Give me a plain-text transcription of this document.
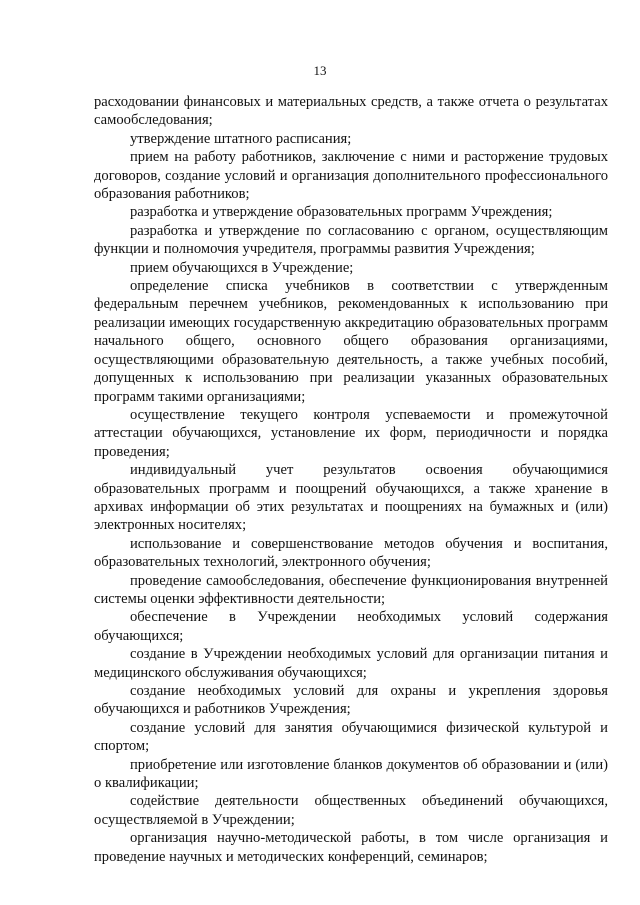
13

расходовании финансовых и материальных средств, а также отчета о результатах самообследования;

утверждение штатного расписания;

прием на работу работников, заключение с ними и расторжение трудовых договоров, создание условий и организация дополнительного профессионального образования работников;

разработка и утверждение образовательных программ Учреждения;

разработка и утверждение по согласованию с органом, осуществляющим функции и полномочия учредителя, программы развития Учреждения;

прием обучающихся в Учреждение;

определение списка учебников в соответствии с утвержденным федеральным перечнем учебников, рекомендованных к использованию при реализации имеющих государственную аккредитацию образовательных программ начального общего, основного общего образования организациями, осуществляющими образовательную деятельность, а также учебных пособий, допущенных к использованию при реализации указанных образовательных программ такими организациями;

осуществление текущего контроля успеваемости и промежуточной аттестации обучающихся, установление их форм, периодичности и порядка проведения;

индивидуальный учет результатов освоения обучающимися образовательных программ и поощрений обучающихся, а также хранение в архивах информации об этих результатах и поощрениях на бумажных и (или) электронных носителях;

использование и совершенствование методов обучения и воспитания, образовательных технологий, электронного обучения;

проведение самообследования, обеспечение функционирования внутренней системы оценки эффективности деятельности;

обеспечение в Учреждении необходимых условий содержания обучающихся;

создание в Учреждении необходимых условий для организации питания и медицинского обслуживания обучающихся;

создание необходимых условий для охраны и укрепления здоровья обучающихся и работников Учреждения;

создание условий для занятия обучающимися физической культурой и спортом;

приобретение или изготовление бланков документов об образовании и (или) о квалификации;

содействие деятельности общественных объединений обучающихся, осуществляемой в Учреждении;

организация научно-методической работы, в том числе организация и проведение научных и методических конференций, семинаров;
